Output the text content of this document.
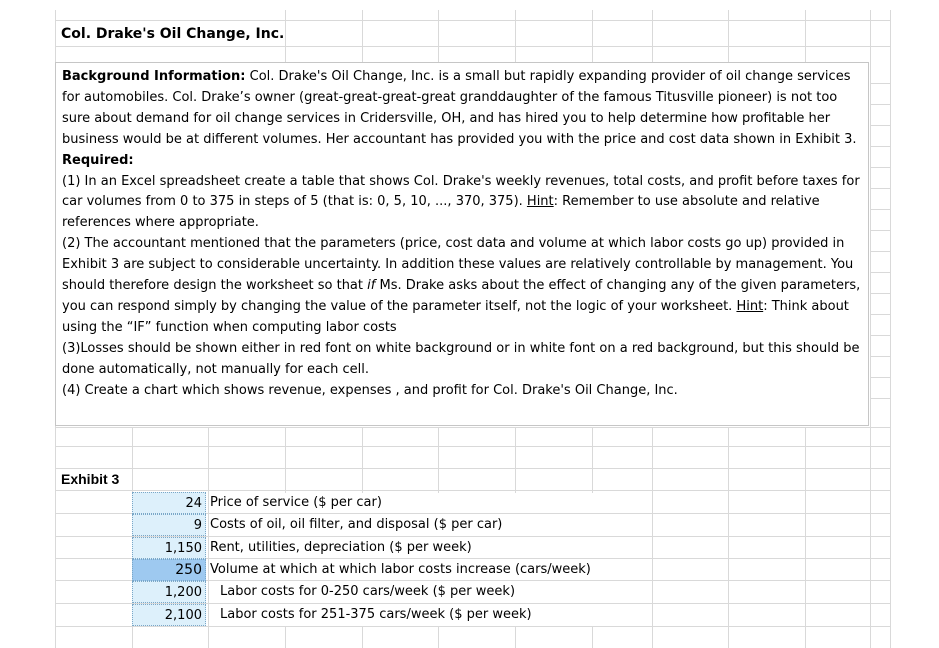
Col. Drake's Oil Change, Inc.

Background Information: Col. Drake's Oil Change, Inc. is a small but rapidly expanding provider of oil change services for automobiles. Col. Drake’s owner (great-great-great-great granddaughter of the famous Titusville pioneer) is not too sure about demand for oil change services in Cridersville, OH, and has hired you to help determine how profitable her business would be at different volumes. Her accountant has provided you with the price and cost data shown in Exhibit 3.

Required:

(1) In an Excel spreadsheet create a table that shows Col. Drake's weekly revenues, total costs, and profit before taxes for car volumes from 0 to 375 in steps of 5 (that is: 0, 5, 10, ..., 370, 375). Hint: Remember to use absolute and relative references where appropriate.

(2) The accountant mentioned that the parameters (price, cost data and volume at which labor costs go up) provided in Exhibit 3 are subject to considerable uncertainty. In addition these values are relatively controllable by management. You should therefore design the worksheet so that if Ms. Drake asks about the effect of changing any of the given parameters, you can respond simply by changing the value of the parameter itself, not the logic of your worksheet. Hint: Think about using the “IF” function when computing labor costs

(3)Losses should be shown either in red font on white background or in white font on a red background, but this should be done automatically, not manually for each cell.

(4) Create a chart which shows revenue, expenses , and profit for Col. Drake's Oil Change, Inc.

Exhibit 3
24 Price of service ($ per car)
9 Costs of oil, oil filter, and disposal ($ per car)
1,150 Rent, utilities, depreciation ($ per week)
250 Volume at which at which labor costs increase (cars/week)
1,200	Labor costs for 0-250 cars/week ($ per week)
2,100	Labor costs for 251-375 cars/week ($ per week)
